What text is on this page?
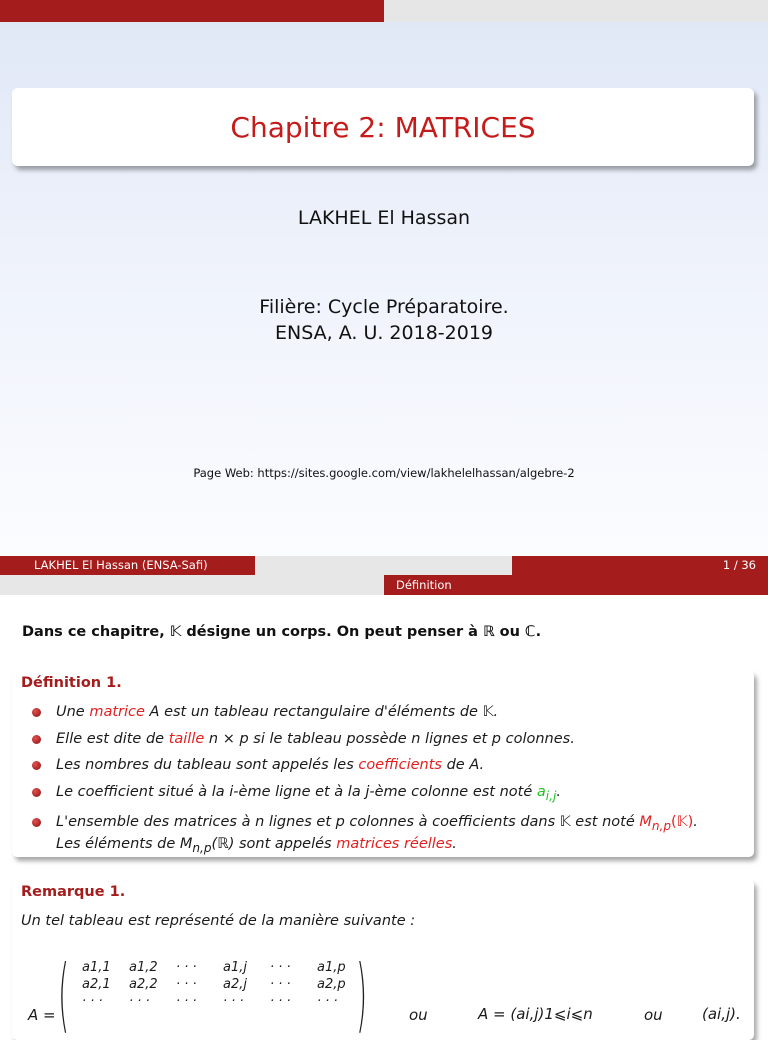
Chapitre 2: MATRICES
LAKHEL El Hassan
Filière: Cycle Préparatoire.
ENSA, A. U. 2018-2019
Page Web: https://sites.google.com/view/lakhelelhassan/algebre-2
LAKHEL El Hassan (ENSA-Safi)	1 / 36
Définition
Dans ce chapitre, 𝕂 désigne un corps. On peut penser à ℝ ou ℂ.
Définition 1.
Une matrice A est un tableau rectangulaire d'éléments de 𝕂.
Elle est dite de taille n × p si le tableau possède n lignes et p colonnes.
Les nombres du tableau sont appelés les coefficients de A.
Le coefficient situé à la i-ème ligne et à la j-ème colonne est noté $a_{i,j}$.
L'ensemble des matrices à n lignes et p colonnes à coefficients dans 𝕂 est noté $M_{n,p}(𝕂)$.
Les éléments de $M_{n,p}(ℝ)$ sont appelés matrices réelles.
Remarque 1.
Un tel tableau est représenté de la manière suivante :
A = ( a1,1	a1,2	· · ·	a1,j	· · ·	a1,p
a2,1	a2,2	· · ·	a2,j	· · ·	a2,p
· · ·	· · ·	· · ·	· · ·	· · ·	· · · )	ou	A = (ai,j)1⩽i⩽n	ou	(ai,j).
